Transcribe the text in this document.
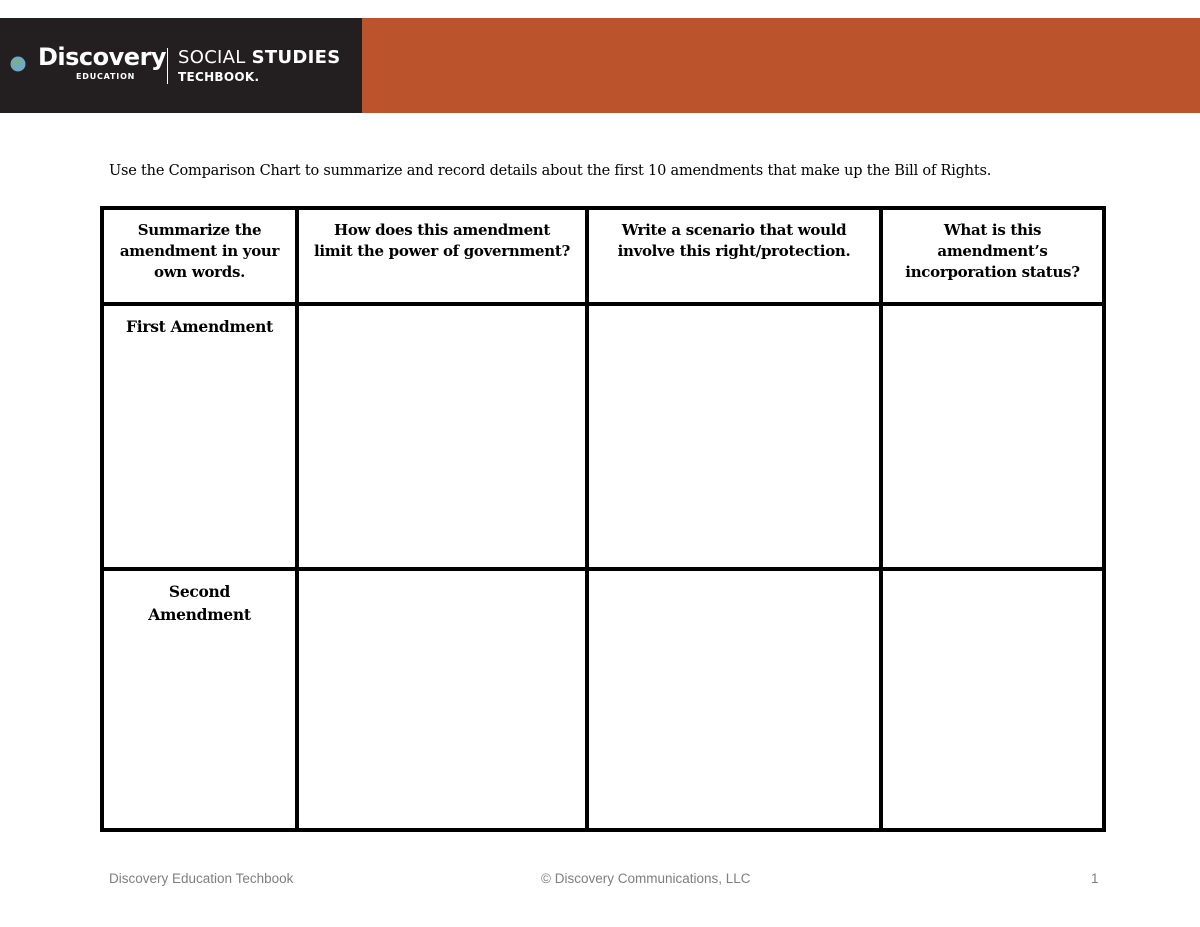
Discovery
EDUCATION
SOCIAL STUDIES
TECHBOOK.
Use the Comparison Chart to summarize and record details about the first 10 amendments that make up the Bill of Rights.
Summarize the amendment in your own words.	How does this amendment limit the power of government?	Write a scenario that would involve this right/protection.	What is this amendment’s incorporation status?

First Amendment			

Second Amendment			

Discovery Education Techbook	© Discovery Communications, LLC	1
